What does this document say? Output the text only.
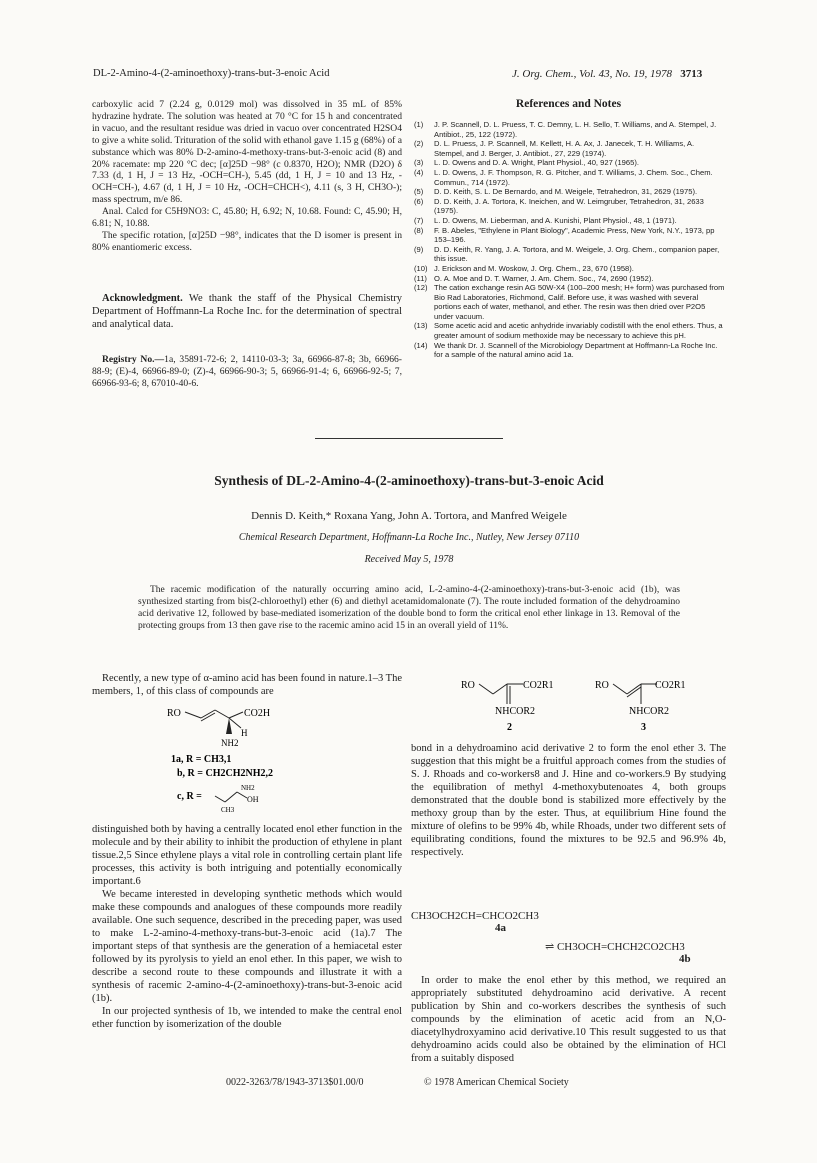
DL-2-Amino-4-(2-aminoethoxy)-trans-but-3-enoic Acid	J. Org. Chem., Vol. 43, No. 19, 1978 3713

carboxylic acid 7 (2.24 g, 0.0129 mol) was dissolved in 35 mL of 85% hydrazine hydrate. The solution was heated at 70 °C for 15 h and concentrated in vacuo, and the resultant residue was dried in vacuo over concentrated H2SO4 to give a white solid. Trituration of the solid with ethanol gave 1.15 g (68%) of a substance which was 80% D-2-amino-4-methoxy-trans-but-3-enoic acid (8) and 20% racemate: mp 220 °C dec; [α]25D −98° (c 0.8370, H2O); NMR (D2O) δ 7.33 (d, 1 H, J = 13 Hz, -OCH=CH-), 5.45 (dd, 1 H, J = 10 and 13 Hz, -OCH=CH-), 4.67 (d, 1 H, J = 10 Hz, -OCH=CHCH<), 4.11 (s, 3 H, CH3O-); mass spectrum, m/e 86.

Anal. Calcd for C5H9NO3: C, 45.80; H, 6.92; N, 10.68. Found: C, 45.90; H, 6.81; N, 10.88.

The specific rotation, [α]25D −98°, indicates that the D isomer is present in 80% enantiomeric excess.

Acknowledgment. We thank the staff of the Physical Chemistry Department of Hoffmann-La Roche Inc. for the determination of spectral and analytical data.
Registry No.—1a, 35891-72-6; 2, 14110-03-3; 3a, 66966-87-8; 3b, 66966-88-9; (E)-4, 66966-89-0; (Z)-4, 66966-90-3; 5, 66966-91-4; 6, 66966-92-5; 7, 66966-93-6; 8, 67010-40-6.
References and Notes
(1) J. P. Scannell, D. L. Pruess, T. C. Demny, L. H. Sello, T. Williams, and A. Stempel, J. Antibiot., 25, 122 (1972).
(2) D. L. Pruess, J. P. Scannell, M. Kellett, H. A. Ax, J. Janecek, T. H. Williams, A. Stempel, and J. Berger, J. Antibiot., 27, 229 (1974).
(3) L. D. Owens and D. A. Wright, Plant Physiol., 40, 927 (1965).
(4) L. D. Owens, J. F. Thompson, R. G. Pitcher, and T. Williams, J. Chem. Soc., Chem. Commun., 714 (1972).
(5) D. D. Keith, S. L. De Bernardo, and M. Weigele, Tetrahedron, 31, 2629 (1975).
(6) D. D. Keith, J. A. Tortora, K. Ineichen, and W. Leimgruber, Tetrahedron, 31, 2633 (1975).
(7) L. D. Owens, M. Lieberman, and A. Kunishi, Plant Physiol., 48, 1 (1971).
(8) F. B. Abeles, "Ethylene in Plant Biology", Academic Press, New York, N.Y., 1973, pp 153–196.
(9) D. D. Keith, R. Yang, J. A. Tortora, and M. Weigele, J. Org. Chem., companion paper, this issue.
(10) J. Erickson and M. Woskow, J. Org. Chem., 23, 670 (1958).
(11) O. A. Moe and D. T. Warner, J. Am. Chem. Soc., 74, 2690 (1952).
(12) The cation exchange resin AG 50W-X4 (100–200 mesh; H+ form) was purchased from Bio Rad Laboratories, Richmond, Calif. Before use, it was washed with several portions each of water, methanol, and ether. The resin was then dried over P2O5 under vacuum.
(13) Some acetic acid and acetic anhydride invariably codistill with the enol ethers. Thus, a greater amount of sodium methoxide may be necessary to achieve this pH.
(14) We thank Dr. J. Scannell of the Microbiology Department at Hoffmann-La Roche Inc. for a sample of the natural amino acid 1a.
Synthesis of DL-2-Amino-4-(2-aminoethoxy)-trans-but-3-enoic Acid
Dennis D. Keith,* Roxana Yang, John A. Tortora, and Manfred Weigele
Chemical Research Department, Hoffmann-La Roche Inc., Nutley, New Jersey 07110
Received May 5, 1978
The racemic modification of the naturally occurring amino acid, L-2-amino-4-(2-aminoethoxy)-trans-but-3-enoic acid (1b), was synthesized starting from bis(2-chloroethyl) ether (6) and diethyl acetamidomalonate (7). The route included formation of the dehydroamino acid derivative 12, followed by base-mediated isomerization of the double bond to form the critical enol ether linkage in 13. Removal of the protecting groups from 13 then gave rise to the racemic amino acid 15 in an overall yield of 11%.
Recently, a new type of α-amino acid has been found in nature.1–3 The members, 1, of this class of compounds are
RO	CO2H
H
NH2
1a, R = CH3,1
b, R = CH2CH2NH2,2
c, R =
NH2
OH
CH3

distinguished both by having a centrally located enol ether function in the molecule and by their ability to inhibit the production of ethylene in plant tissue.2,5 Since ethylene plays a vital role in controlling certain plant life processes, this activity is both intriguing and potentially economically important.6

We became interested in developing synthetic methods which would make these compounds and analogues of these compounds more readily available. One such sequence, described in the preceding paper, was used to make L-2-amino-4-methoxy-trans-but-3-enoic acid (1a).7 The important steps of that synthesis are the generation of a hemiacetal ester followed by its pyrolysis to yield an enol ether. In this paper, we wish to describe a second route to these compounds and illustrate it with a synthesis of racemic 2-amino-4-(2-aminoethoxy)-trans-but-3-enoic acid (1b).

In our projected synthesis of 1b, we intended to make the central enol ether function by isomerization of the double

RO	CO2R1
NHCOR2
2
RO	CO2R1
NHCOR2
3
bond in a dehydroamino acid derivative 2 to form the enol ether 3. The suggestion that this might be a fruitful approach comes from the studies of S. J. Rhoads and co-workers8 and J. Hine and co-workers.9 By studying the equilibration of methyl 4-methoxybutenoates 4, both groups demonstrated that the double bond is stabilized more effectively by the methoxy group than by the ester. Thus, at equilibrium Hine found the mixture of olefins to be 99% 4b, while Rhoads, under two different sets of equilibrating conditions, found the mixtures to be 92.5 and 96.9% 4b, respectively.
CH3OCH2CH=CHCO2CH3
4a
⇌ CH3OCH=CHCH2CO2CH3
4b
In order to make the enol ether by this method, we required an appropriately substituted dehydroamino acid derivative. A recent publication by Shin and co-workers describes the synthesis of such compounds by the elimination of acetic acid from an N,O-diacetylhydroxyamino acid derivative.10 This result suggested to us that dehydroamino acids could also be obtained by the elimination of HCl from a suitably disposed
0022-3263/78/1943-3713$01.00/0	© 1978 American Chemical Society
